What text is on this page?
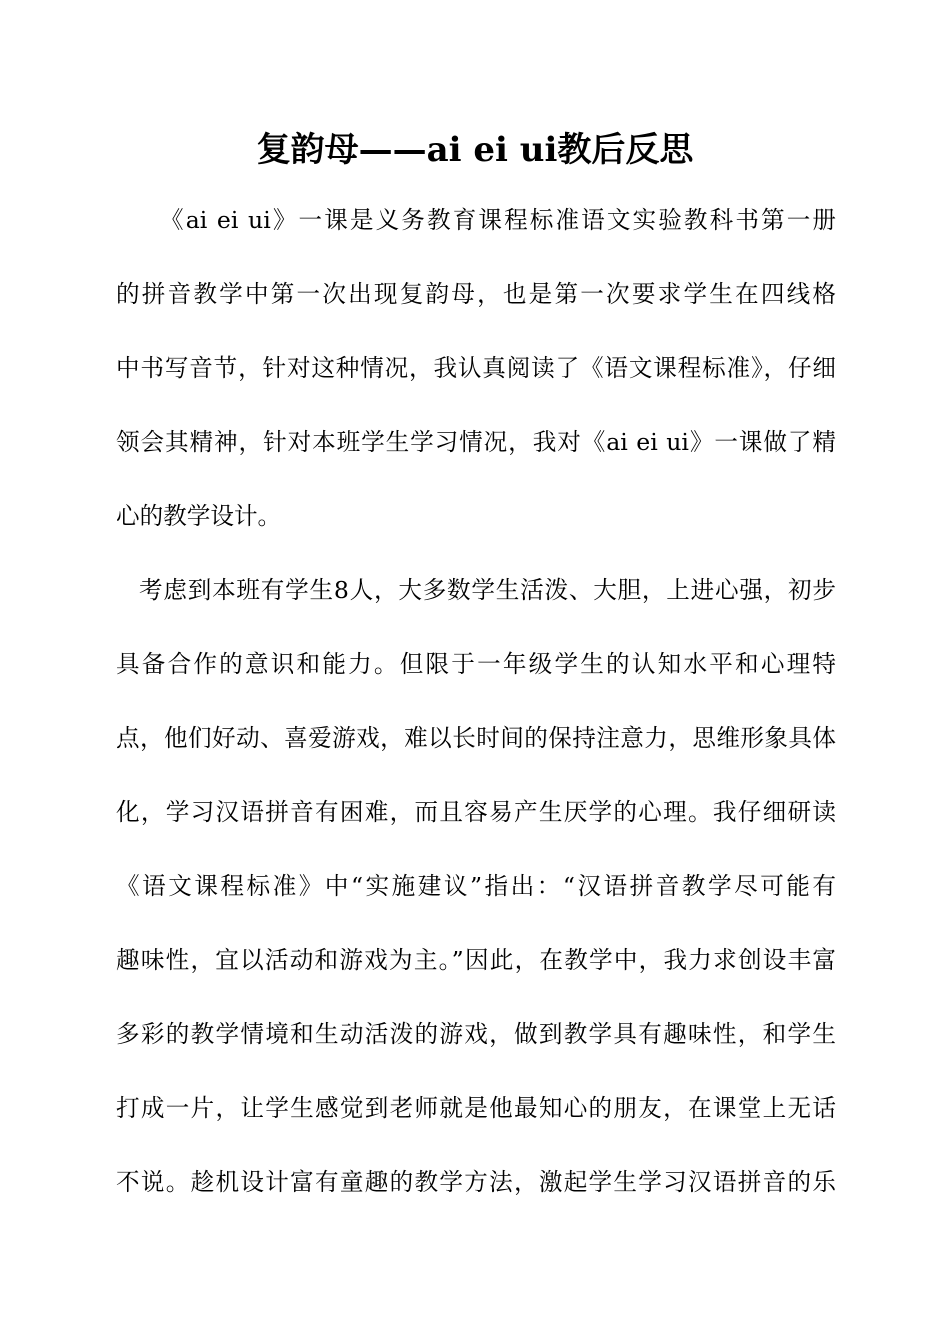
复韵母——ai ei ui教后反思
《ai ei ui》一课是义务教育课程标准语文实验教科书第一册
的拼音教学中第一次出现复韵母，也是第一次要求学生在四线格
中书写音节，针对这种情况，我认真阅读了《语文课程标准》，仔细
领会其精神，针对本班学生学习情况，我对《ai ei ui》一课做了精
心的教学设计。
考虑到本班有学生8人，大多数学生活泼、大胆，上进心强，初步
具备合作的意识和能力。但限于一年级学生的认知水平和心理特
点，他们好动、喜爱游戏，难以长时间的保持注意力，思维形象具体
化，学习汉语拼音有困难，而且容易产生厌学的心理。我仔细研读
《语文课程标准》中“实施建议”指出：“汉语拼音教学尽可能有
趣味性，宜以活动和游戏为主。”因此，在教学中，我力求创设丰富
多彩的教学情境和生动活泼的游戏，做到教学具有趣味性，和学生
打成一片，让学生感觉到老师就是他最知心的朋友，在课堂上无话
不说。趁机设计富有童趣的教学方法，激起学生学习汉语拼音的乐
